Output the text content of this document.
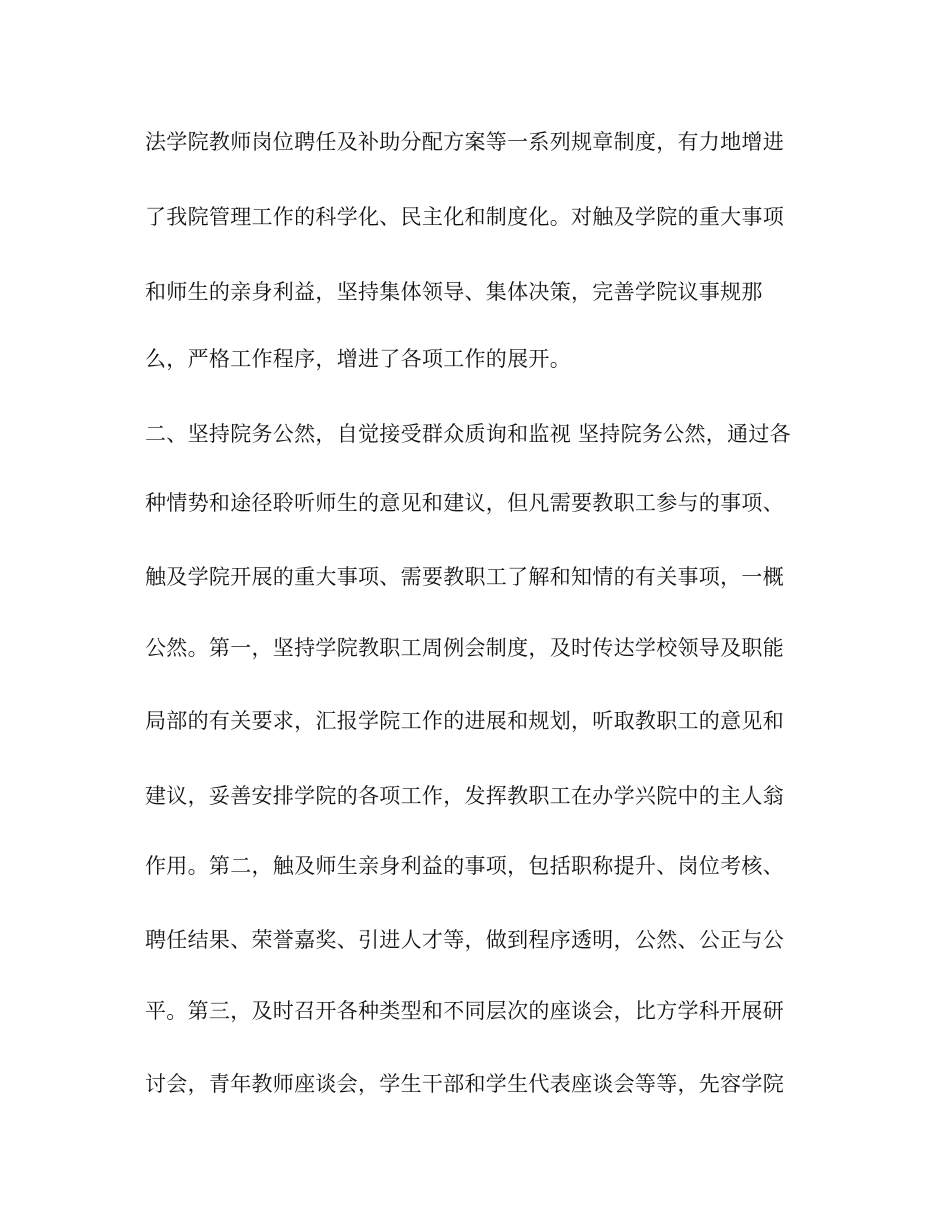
法学院教师岗位聘任及补助分配方案等一系列规章制度，有力地增进

了我院管理工作的科学化、民主化和制度化。对触及学院的重大事项

和师生的亲身利益，坚持集体领导、集体决策，完善学院议事规那

么，严格工作程序，增进了各项工作的展开。

二、坚持院务公然，自觉接受群众质询和监视 坚持院务公然，通过各

种情势和途径聆听师生的意见和建议，但凡需要教职工参与的事项、

触及学院开展的重大事项、需要教职工了解和知情的有关事项，一概

公然。第一，坚持学院教职工周例会制度，及时传达学校领导及职能

局部的有关要求，汇报学院工作的进展和规划，听取教职工的意见和

建议，妥善安排学院的各项工作，发挥教职工在办学兴院中的主人翁

作用。第二，触及师生亲身利益的事项，包括职称提升、岗位考核、

聘任结果、荣誉嘉奖、引进人才等，做到程序透明，公然、公正与公

平。第三，及时召开各种类型和不同层次的座谈会，比方学科开展研

讨会，青年教师座谈会，学生干部和学生代表座谈会等等，先容学院
